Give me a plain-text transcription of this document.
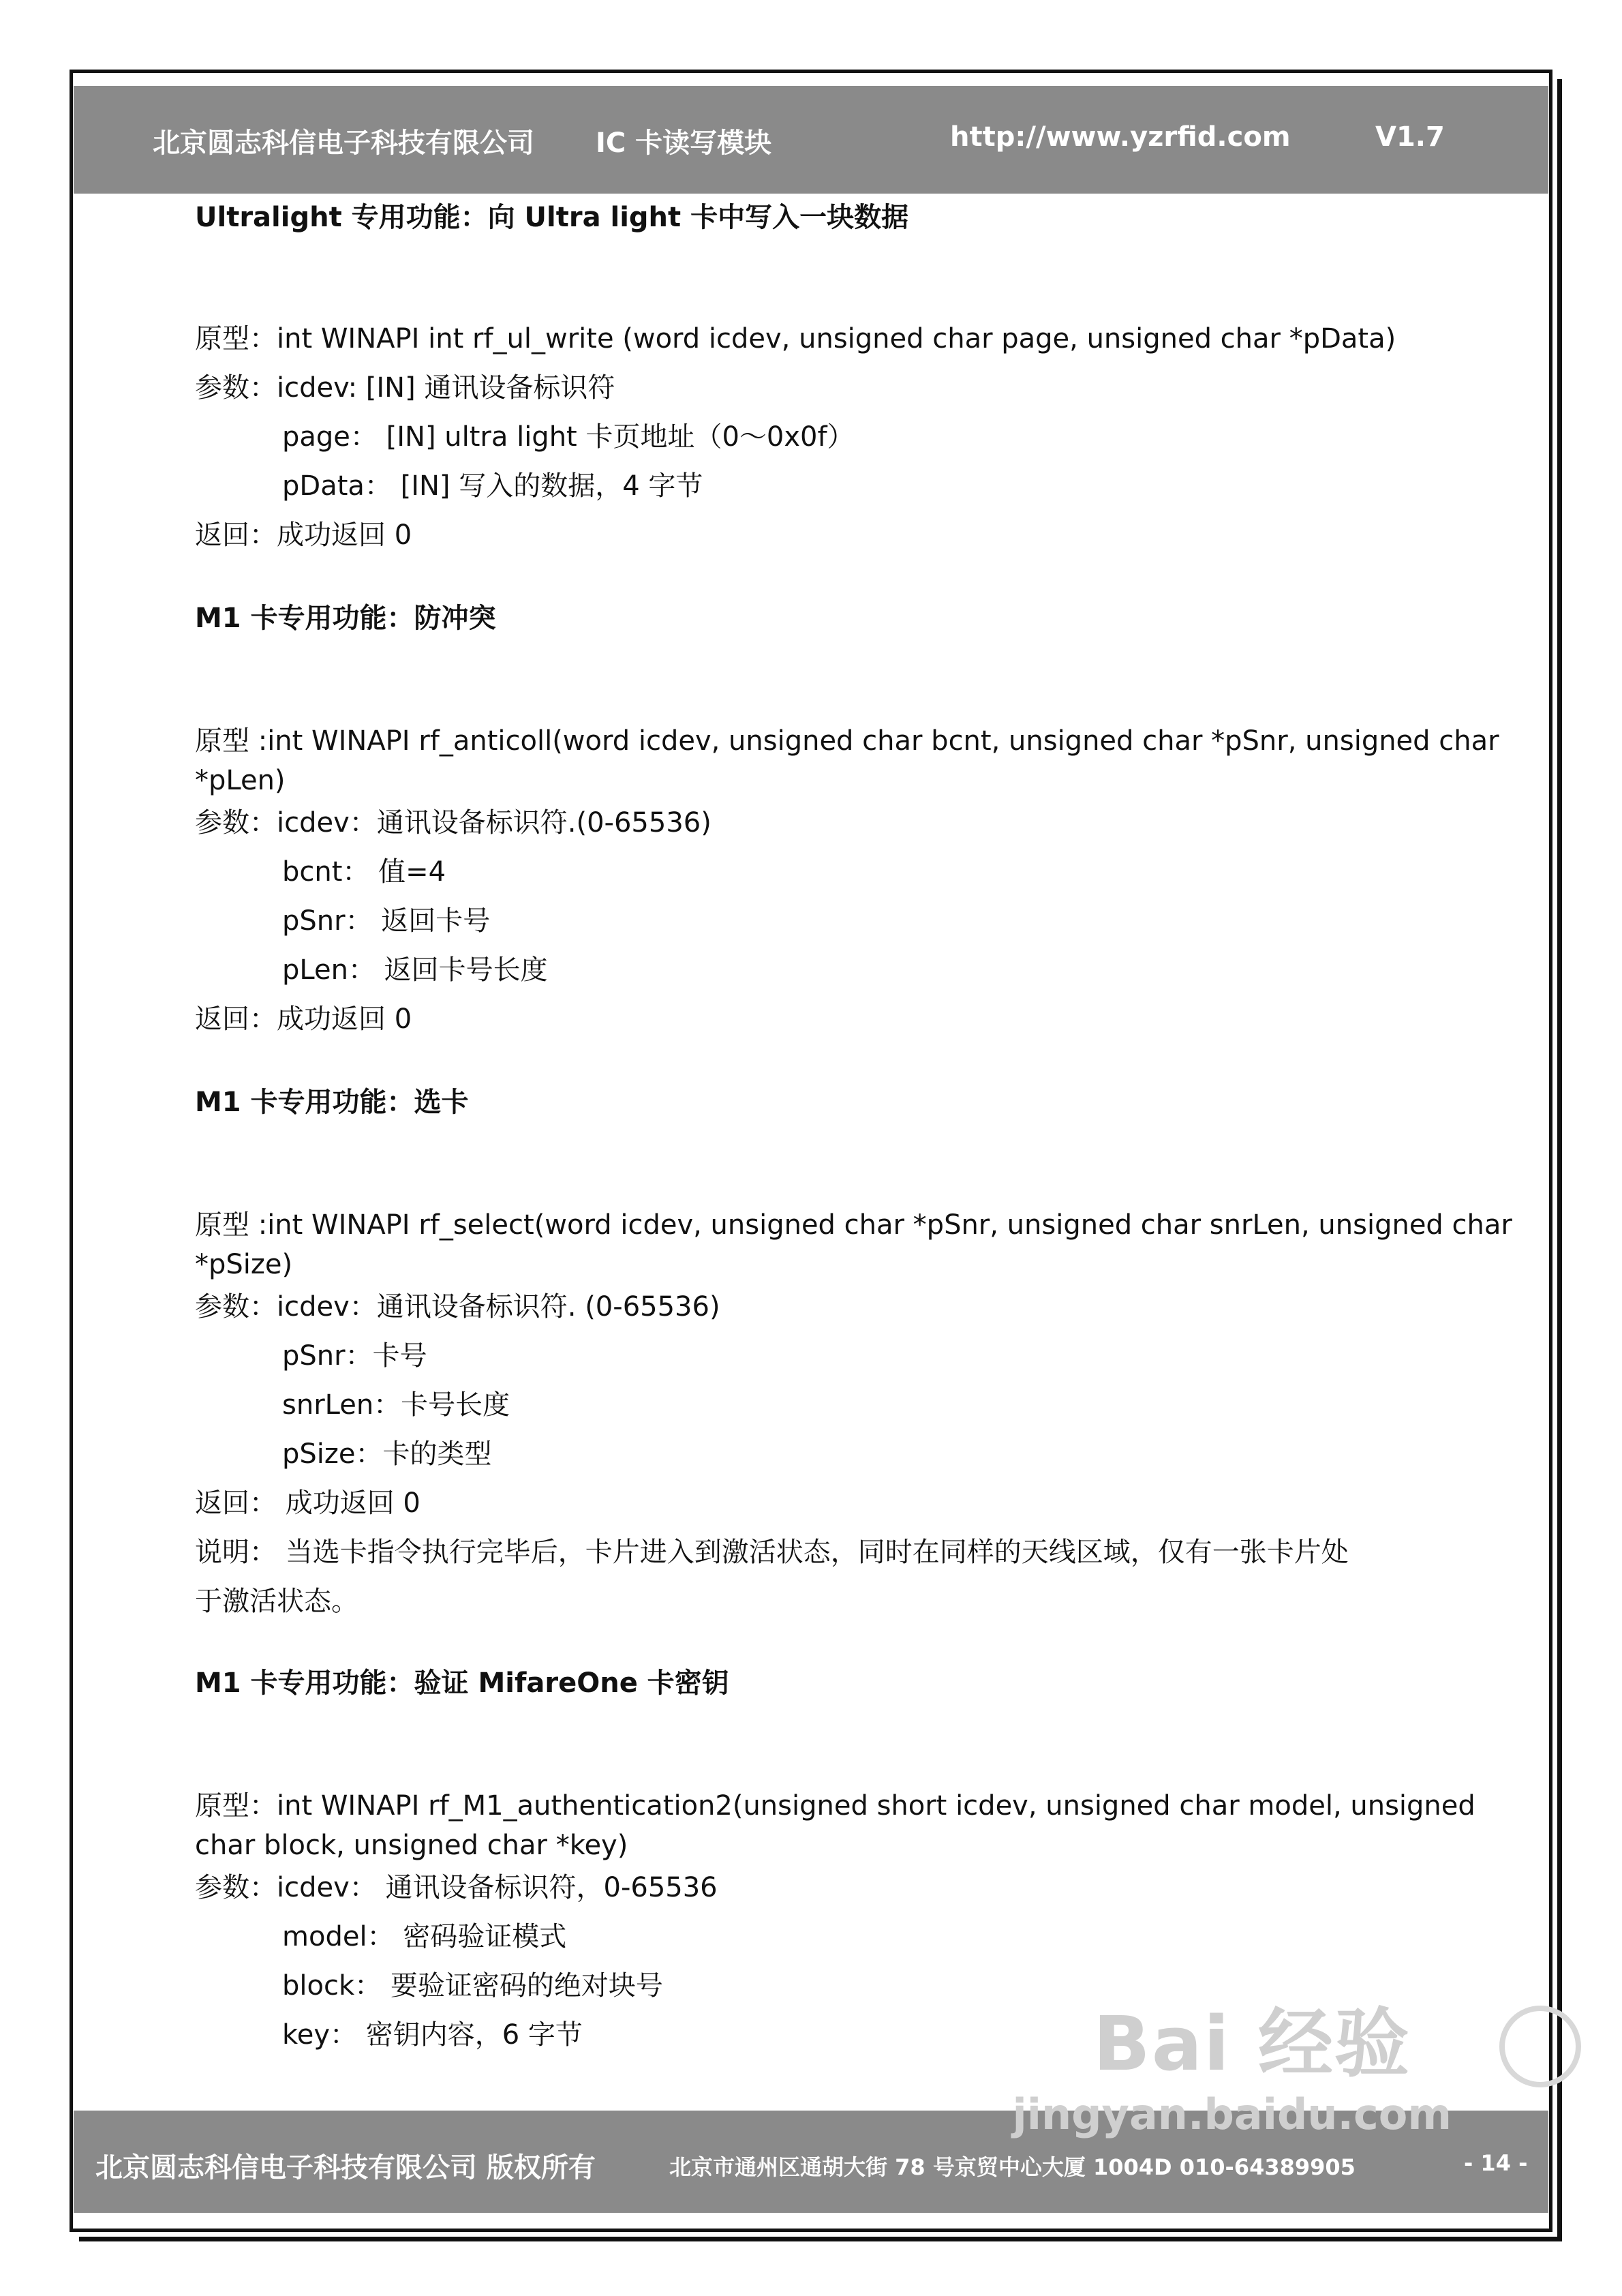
北京圆志科信电子科技有限公司 IC 卡读写模块	http://www.yzrfid.com	V1.7
Ultralight 专用功能：向 Ultra light 卡中写入一块数据
原型：int WINAPI int rf_ul_write (word icdev, unsigned char page, unsigned char *pData)
参数：icdev: [IN] 通讯设备标识符
page： [IN] ultra light 卡页地址（0～0x0f）
pData： [IN] 写入的数据，4 字节
返回：成功返回 0
M1 卡专用功能：防冲突
原型 :int WINAPI rf_anticoll(word icdev, unsigned char bcnt, unsigned char *pSnr, unsigned char
*pLen)
参数：icdev：通讯设备标识符.(0-65536)
bcnt： 值=4
pSnr： 返回卡号
pLen： 返回卡号长度
返回：成功返回 0
M1 卡专用功能：选卡
原型 :int WINAPI rf_select(word icdev, unsigned char *pSnr, unsigned char snrLen, unsigned char
*pSize)
参数：icdev：通讯设备标识符. (0-65536)
pSnr：卡号
snrLen：卡号长度
pSize：卡的类型
返回： 成功返回 0
说明： 当选卡指令执行完毕后，卡片进入到激活状态，同时在同样的天线区域，仅有一张卡片处
于激活状态。
M1 卡专用功能：验证 MifareOne 卡密钥
原型：int WINAPI rf_M1_authentication2(unsigned short icdev, unsigned char model, unsigned
char block, unsigned char *key)
参数：icdev： 通讯设备标识符，0-65536
model： 密码验证模式
block： 要验证密码的绝对块号
key： 密钥内容，6 字节
北京圆志科信电子科技有限公司 版权所有	北京市通州区通胡大街 78 号京贸中心大厦 1004D 010-64389905	- 14 -
Bai 经验
jingyan.baidu.com
